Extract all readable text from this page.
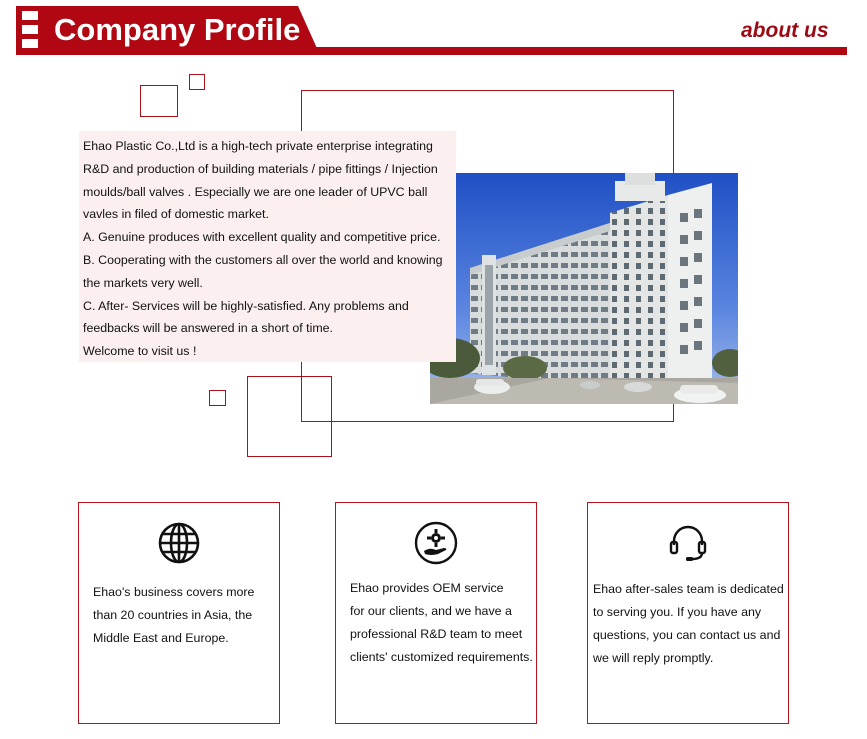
Company Profile	about us

Ehao Plastic Co.,Ltd is a high-tech private enterprise integrating

R&D and production of building materials / pipe fittings / Injection

moulds/ball valves . Especially we are one leader of UPVC ball

vavles in filed of domestic market.

A. Genuine produces with excellent quality and competitive price.

B. Cooperating with the customers all over the world and knowing

the markets very well.

C. After- Services will be highly-satisfied. Any problems and

feedbacks will be answered in a short of time.

Welcome to visit us !

Ehao's business covers more
than 20 countries in Asia, the
Middle East and Europe.
Ehao provides OEM service
for our clients, and we have a
professional R&D team to meet
clients' customized requirements.
Ehao after-sales team is dedicated
to serving you. If you have any
questions, you can contact us and
we will reply promptly.
